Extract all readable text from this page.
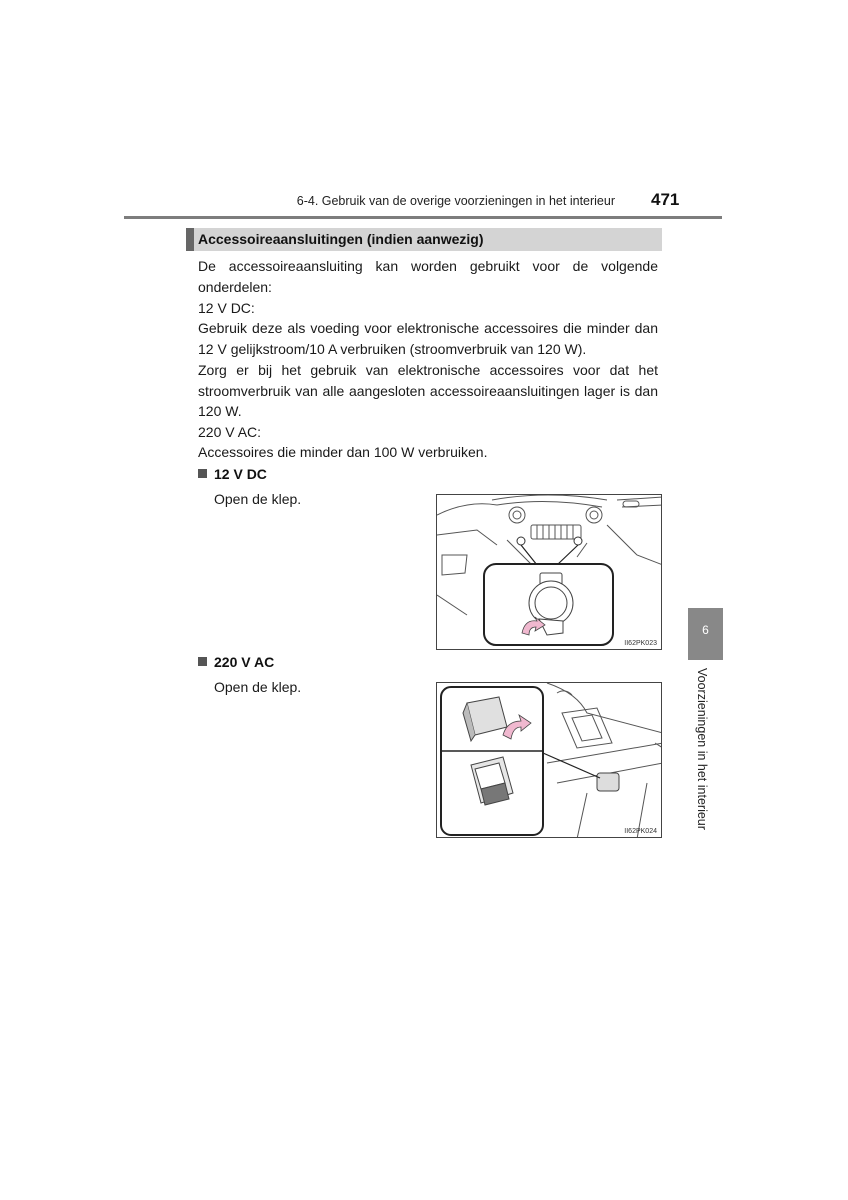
6-4. Gebruik van de overige voorzieningen in het interieur 471
Accessoireaansluitingen (indien aanwezig)
De accessoireaansluiting kan worden gebruikt voor de volgende onderdelen:
12 V DC:
Gebruik deze als voeding voor elektronische accessoires die minder dan 12 V gelijkstroom/10 A verbruiken (stroomverbruik van 120 W).
Zorg er bij het gebruik van elektronische accessoires voor dat het stroomverbruik van alle aangesloten accessoireaansluitingen lager is dan 120 W.
220 V AC:
Accessoires die minder dan 100 W verbruiken.
12 V DC
Open de klep.
II62PK023
220 V AC
Open de klep.
II62PK024
6
Voorzieningen in het interieur
